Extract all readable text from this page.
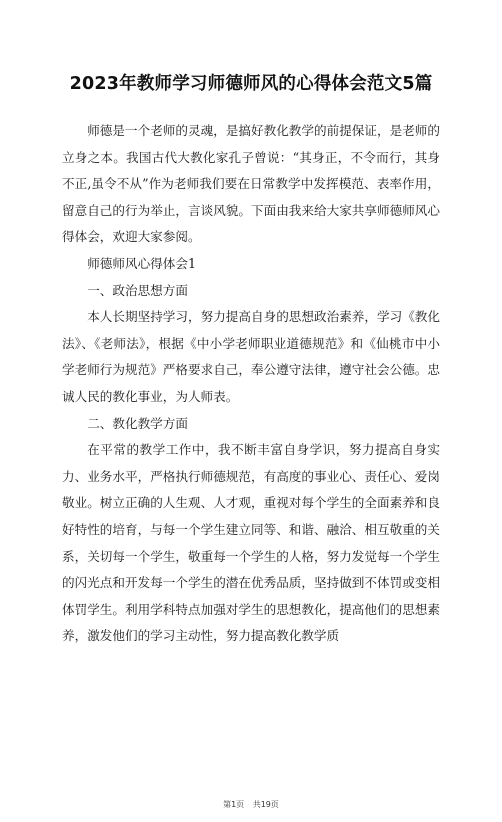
2023年教师学习师德师风的心得体会范文5篇

师德是一个老师的灵魂，是搞好教化教学的前提保证，是老师的立身之本。我国古代大教化家孔子曾说：“其身正，不令而行，其身不正,虽令不从”作为老师我们要在日常教学中发挥模范、表率作用，留意自己的行为举止，言谈风貌。下面由我来给大家共享师德师风心得体会，欢迎大家参阅。

师德师风心得体会1

一、政治思想方面

本人长期坚持学习，努力提高自身的思想政治素养，学习《教化法》、《老师法》，根据《中小学老师职业道德规范》和《仙桃市中小学老师行为规范》严格要求自己，奉公遵守法律，遵守社会公德。忠诚人民的教化事业，为人师表。

二、教化教学方面

在平常的教学工作中，我不断丰富自身学识，努力提高自身实力、业务水平，严格执行师德规范，有高度的事业心、责任心、爱岗敬业。树立正确的人生观、人才观，重视对每个学生的全面素养和良好特性的培育，与每一个学生建立同等、和谐、融洽、相互敬重的关系，关切每一个学生，敬重每一个学生的人格，努力发觉每一个学生的闪光点和开发每一个学生的潜在优秀品质，坚持做到不体罚或变相体罚学生。利用学科特点加强对学生的思想教化，提高他们的思想素养，激发他们的学习主动性，努力提高教化教学质

第1页 共19页
